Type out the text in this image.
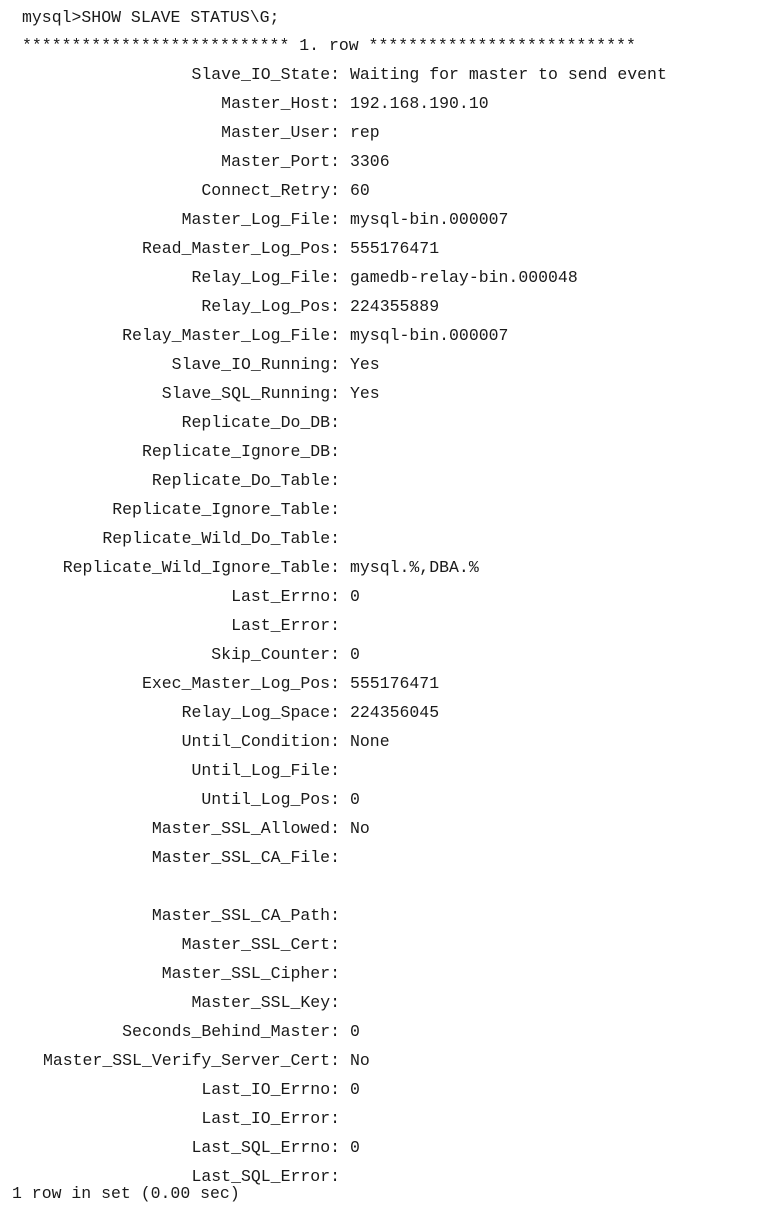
mysql>SHOW SLAVE STATUS\G;
*************************** 1. row ***************************
Slave_IO_State: Waiting for master to send event
Master_Host: 192.168.190.10
Master_User: rep
Master_Port: 3306
Connect_Retry: 60
Master_Log_File: mysql-bin.000007
Read_Master_Log_Pos: 555176471
Relay_Log_File: gamedb-relay-bin.000048
Relay_Log_Pos: 224355889
Relay_Master_Log_File: mysql-bin.000007
Slave_IO_Running: Yes
Slave_SQL_Running: Yes
Replicate_Do_DB:
Replicate_Ignore_DB:
Replicate_Do_Table:
Replicate_Ignore_Table:
Replicate_Wild_Do_Table:
Replicate_Wild_Ignore_Table: mysql.%,DBA.%
Last_Errno: 0
Last_Error:
Skip_Counter: 0
Exec_Master_Log_Pos: 555176471
Relay_Log_Space: 224356045
Until_Condition: None
Until_Log_File:
Until_Log_Pos: 0
Master_SSL_Allowed: No
Master_SSL_CA_File:
Master_SSL_CA_Path:
Master_SSL_Cert:
Master_SSL_Cipher:
Master_SSL_Key:
Seconds_Behind_Master: 0
Master_SSL_Verify_Server_Cert: No
Last_IO_Errno: 0
Last_IO_Error:
Last_SQL_Errno: 0
Last_SQL_Error:
1 row in set (0.00 sec)
